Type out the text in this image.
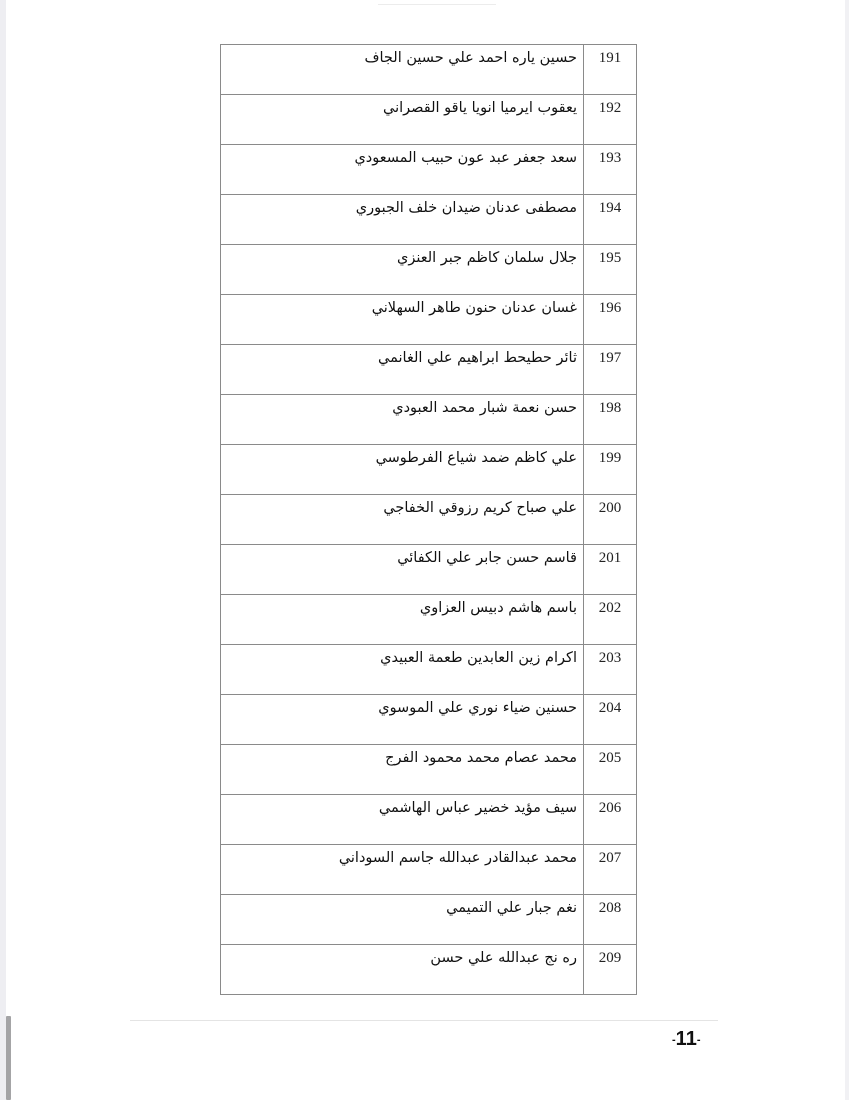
حسين ياره احمد علي حسين الجاف	191
يعقوب ايرميا انويا ياقو القصراني	192
سعد جعفر عبد عون حبيب المسعودي	193
مصطفى عدنان ضيدان خلف الجبوري	194
جلال سلمان كاظم جبر العنزي	195
غسان عدنان حنون طاهر السهلاني	196
ثائر حطيحط ابراهيم علي الغانمي	197
حسن نعمة شبار محمد العبودي	198
علي كاظم ضمد شياع الفرطوسي	199
علي صباح كريم رزوقي الخفاجي	200
قاسم حسن جابر علي الكفائي	201
باسم هاشم دبيس العزاوي	202
اكرام زين العابدين طعمة العبيدي	203
حسنين ضياء نوري علي الموسوي	204
محمد عصام محمد محمود الفرج	205
سيف مؤيد خضير عباس الهاشمي	206
محمد عبدالقادر عبدالله جاسم السوداني	207
نغم جبار علي التميمي	208
ره نج عبدالله علي حسن	209
-11-
